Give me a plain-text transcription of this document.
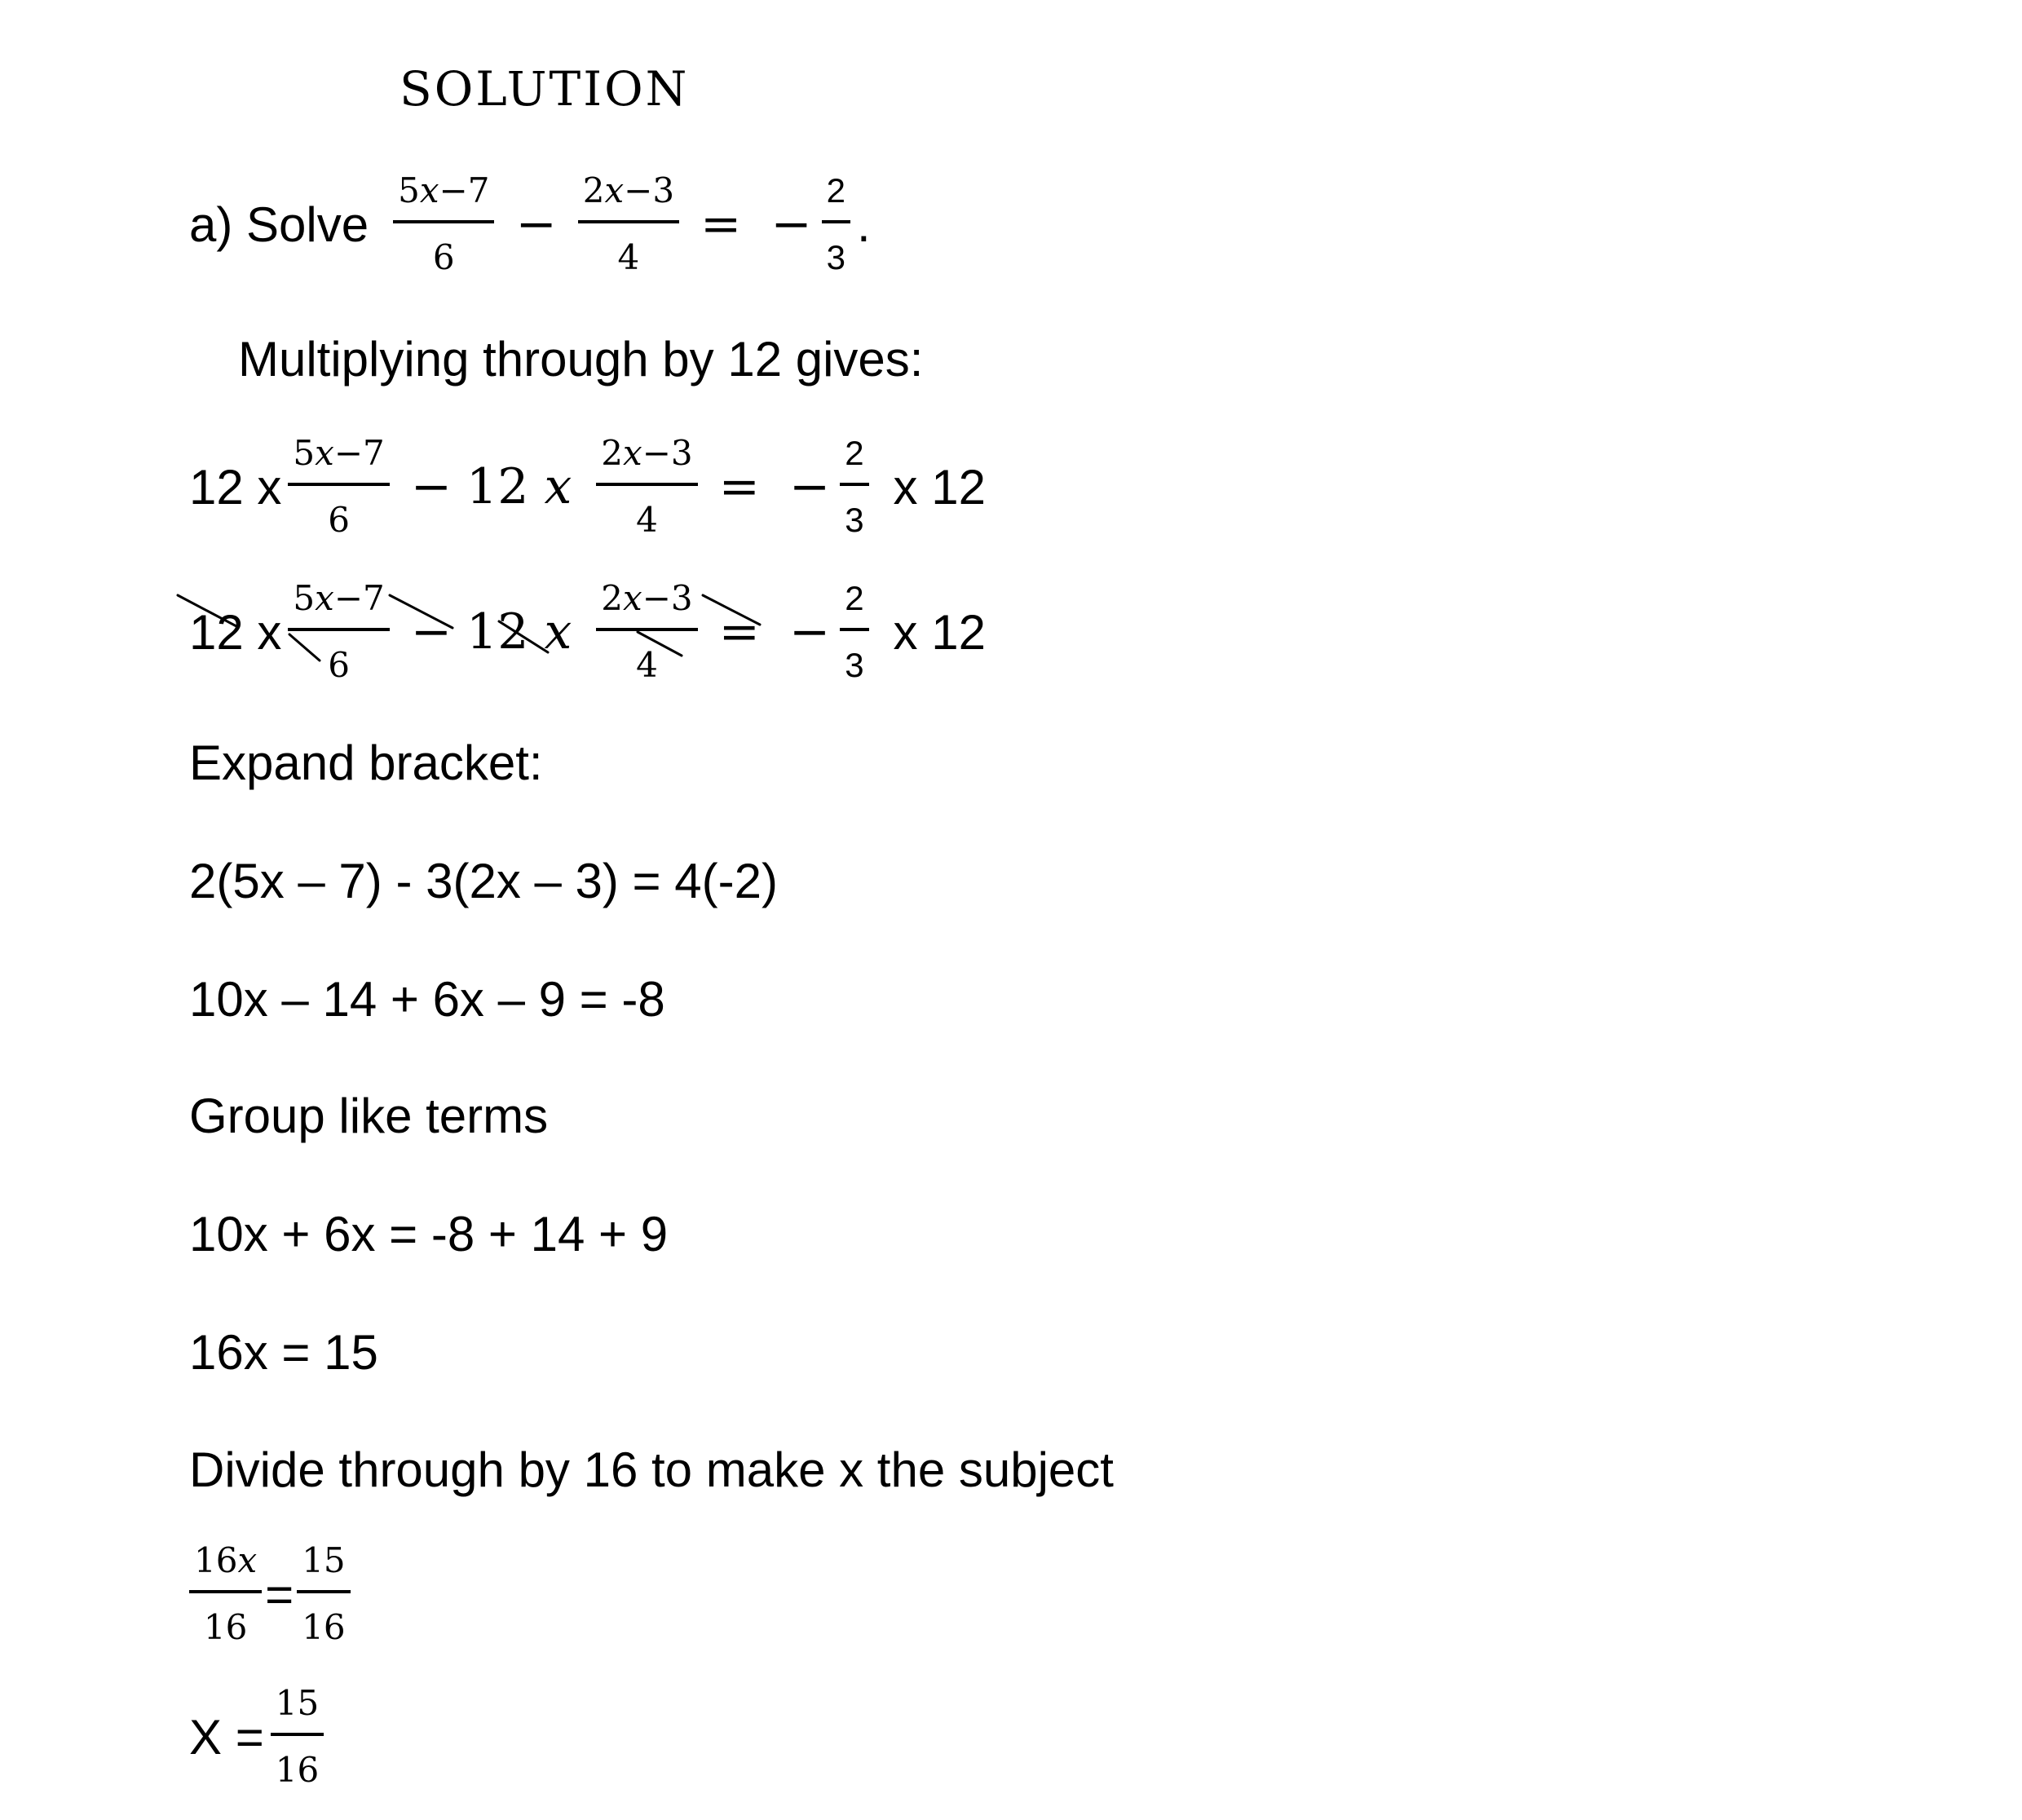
SOLUTION
a) Solve $\frac{\text{5𝑥−7}}{6} - \frac{\text{2𝑥−3}}{4}$ = − $\frac{2}{3}$ .
Multiplying through by 12 gives:
12 x $\frac{\text{5𝑥−7}}{6} - 12$ 𝑥 $\frac{\text{2𝑥−3}}{4}$ = − $\frac{2}{3}$ x 12
12 x $\frac{\text{5𝑥−7}}{6} - 12$ 𝑥 $\frac{\text{2𝑥−3}}{4}$ = − $\frac{2}{3}$ x 12
Expand bracket:
2(5x – 7) - 3(2x – 3) = 4(-2)
10x – 14 + 6x – 9 = -8
Group like terms
10x + 6x = -8 + 14 + 9
16x = 15
Divide through by 16 to make x the subject
$\frac{\text{16𝑥}}{16} = \frac{15}{16}$
$X = \frac{15}{16}$
